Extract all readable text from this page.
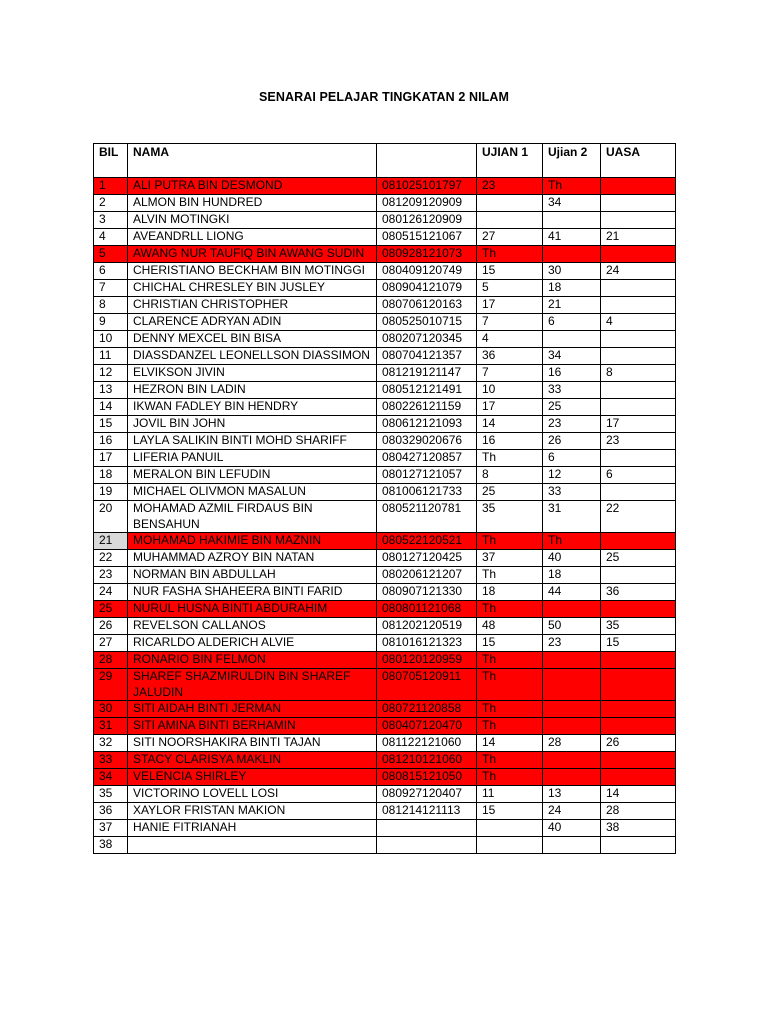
SENARAI PELAJAR TINGKATAN 2 NILAM
BIL	NAMA		UJIAN 1	Ujian 2	UASA
1	ALI PUTRA BIN DESMOND	081025101797	23	Th	
2	ALMON BIN HUNDRED	081209120909		34	
3	ALVIN MOTINGKI	080126120909			
4	AVEANDRLL LIONG	080515121067	27	41	21
5	AWANG NUR TAUFIQ BIN AWANG SUDIN	080928121073	Th		
6	CHERISTIANO BECKHAM BIN MOTINGGI	080409120749	15	30	24
7	CHICHAL CHRESLEY BIN JUSLEY	080904121079	5	18	
8	CHRISTIAN CHRISTOPHER	080706120163	17	21	
9	CLARENCE ADRYAN ADIN	080525010715	7	6	4
10	DENNY MEXCEL BIN BISA	080207120345	4		
11	DIASSDANZEL LEONELLSON DIASSIMON	080704121357	36	34	
12	ELVIKSON JIVIN	081219121147	7	16	8
13	HEZRON BIN LADIN	080512121491	10	33	
14	IKWAN FADLEY BIN HENDRY	080226121159	17	25	
15	JOVIL BIN JOHN	080612121093	14	23	17
16	LAYLA SALIKIN BINTI MOHD SHARIFF	080329020676	16	26	23
17	LIFERIA PANUIL	080427120857	Th	6	
18	MERALON BIN LEFUDIN	080127121057	8	12	6
19	MICHAEL OLIVMON MASALUN	081006121733	25	33	
20	MOHAMAD AZMIL FIRDAUS BIN BENSAHUN	080521120781	35	31	22
21	MOHAMAD HAKIMIE BIN MAZNIN	080522120521	Th	Th	
22	MUHAMMAD AZROY BIN NATAN	080127120425	37	40	25
23	NORMAN BIN ABDULLAH	080206121207	Th	18	
24	NUR FASHA SHAHEERA BINTI FARID	080907121330	18	44	36
25	NURUL HUSNA BINTI ABDURAHIM	080801121068	Th		
26	REVELSON CALLANOS	081202120519	48	50	35
27	RICARLDO ALDERICH ALVIE	081016121323	15	23	15
28	RONARIO BIN FELMON	080120120959	Th		
29	SHAREF SHAZMIRULDIN BIN SHAREF JALUDIN	080705120911	Th		
30	SITI AIDAH BINTI JERMAN	080721120858	Th		
31	SITI AMINA BINTI BERHAMIN	080407120470	Th		
32	SITI NOORSHAKIRA BINTI TAJAN	081122121060	14	28	26
33	STACY CLARISYA MAKLIN	081210121060	Th		
34	VELENCIA SHIRLEY	080815121050	Th		
35	VICTORINO LOVELL LOSI	080927120407	11	13	14
36	XAYLOR FRISTAN MAKION	081214121113	15	24	28
37	HANIE FITRIANAH			40	38
38					
